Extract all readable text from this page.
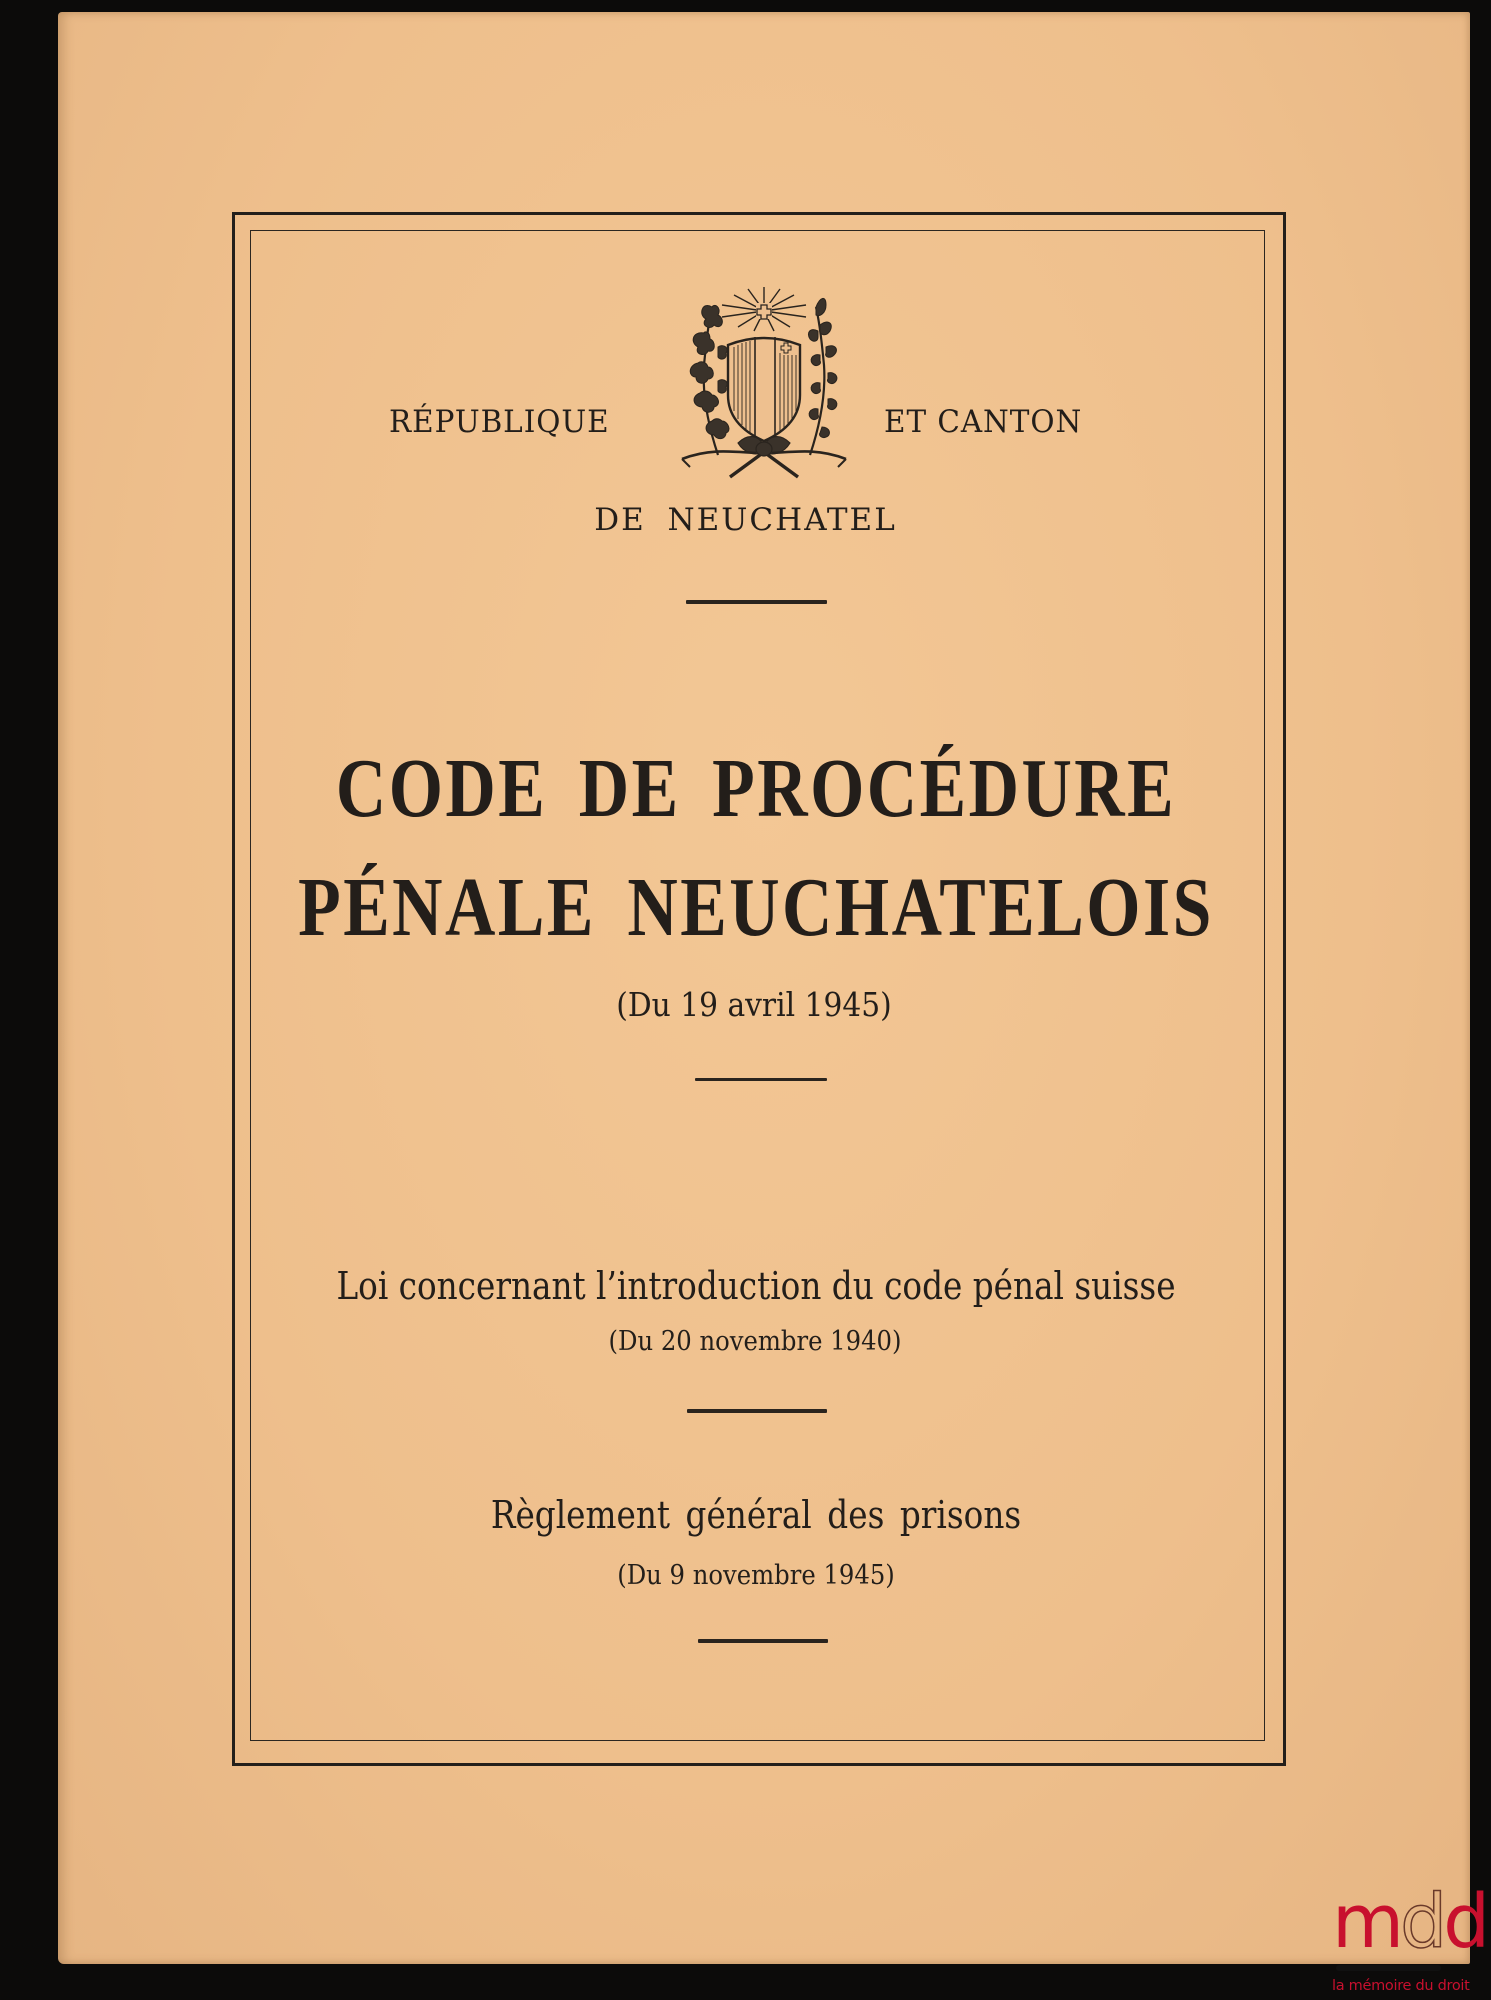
RÉPUBLIQUE	ET CANTON
DE NEUCHATEL
CODE DE PROCÉDURE
PÉNALE NEUCHATELOIS
(Du 19 avril 1945)
Loi concernant l’introduction du code pénal suisse
(Du 20 novembre 1940)
Règlement général des prisons
(Du 9 novembre 1945)
mdd
la mémoire du droit
